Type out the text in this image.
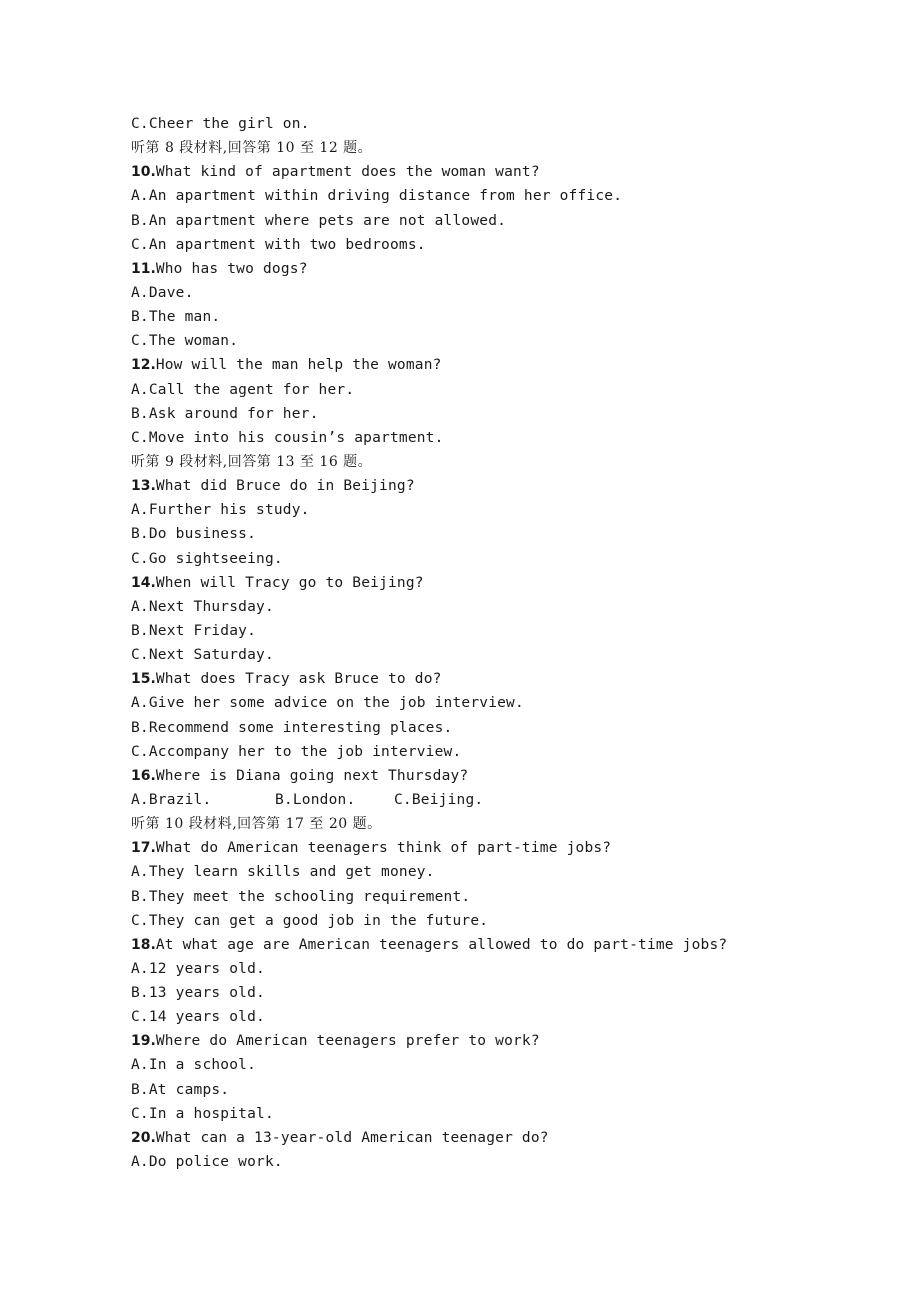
C.Cheer the girl on.
听第 8 段材料,回答第 10 至 12 题。
10.What kind of apartment does the woman want?
A.An apartment within driving distance from her office.
B.An apartment where pets are not allowed.
C.An apartment with two bedrooms.
11.Who has two dogs?
A.Dave.
B.The man.
C.The woman.
12.How will the man help the woman?
A.Call the agent for her.
B.Ask around for her.
C.Move into his cousin’s apartment.
听第 9 段材料,回答第 13 至 16 题。
13.What did Bruce do in Beijing?
A.Further his study.
B.Do business.
C.Go sightseeing.
14.When will Tracy go to Beijing?
A.Next Thursday.
B.Next Friday.
C.Next Saturday.
15.What does Tracy ask Bruce to do?
A.Give her some advice on the job interview.
B.Recommend some interesting places.
C.Accompany her to the job interview.
16.Where is Diana going next Thursday?
A.Brazil.	B.London.	C.Beijing.
听第 10 段材料,回答第 17 至 20 题。
17.What do American teenagers think of part-time jobs?
A.They learn skills and get money.
B.They meet the schooling requirement.
C.They can get a good job in the future.
18.At what age are American teenagers allowed to do part-time jobs?
A.12 years old.
B.13 years old.
C.14 years old.
19.Where do American teenagers prefer to work?
A.In a school.
B.At camps.
C.In a hospital.
20.What can a 13-year-old American teenager do?
A.Do police work.
